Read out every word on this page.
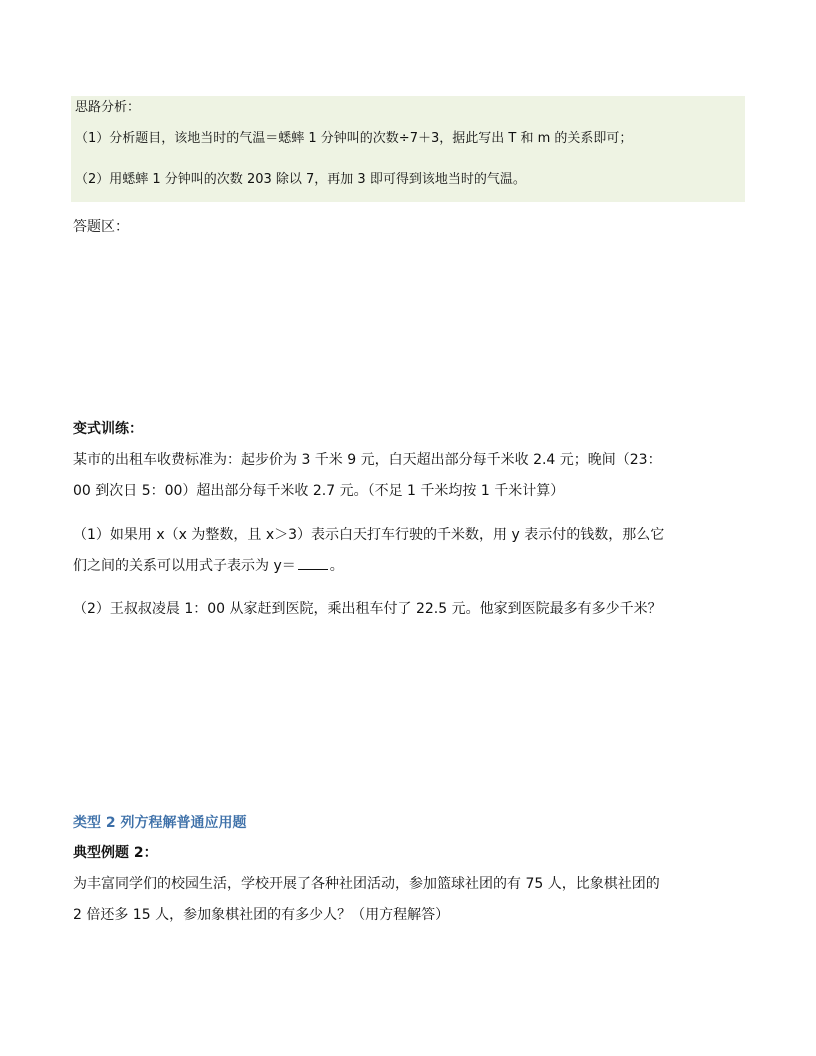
思路分析：
（1）分析题目，该地当时的气温＝蟋蟀 1 分钟叫的次数÷7＋3，据此写出 T 和 m 的关系即可；
（2）用蟋蟀 1 分钟叫的次数 203 除以 7，再加 3 即可得到该地当时的气温。
答题区：
变式训练：
某市的出租车收费标准为：起步价为 3 千米 9 元，白天超出部分每千米收 2.4 元；晚间（23：
00 到次日 5：00）超出部分每千米收 2.7 元。（不足 1 千米均按 1 千米计算）
（1）如果用 x（x 为整数，且 x＞3）表示白天打车行驶的千米数，用 y 表示付的钱数，那么它
们之间的关系可以用式子表示为 y＝ 。
（2）王叔叔凌晨 1：00 从家赶到医院，乘出租车付了 22.5 元。他家到医院最多有多少千米？
类型 2 列方程解普通应用题
典型例题 2：
为丰富同学们的校园生活，学校开展了各种社团活动，参加篮球社团的有 75 人，比象棋社团的
2 倍还多 15 人，参加象棋社团的有多少人？（用方程解答）
